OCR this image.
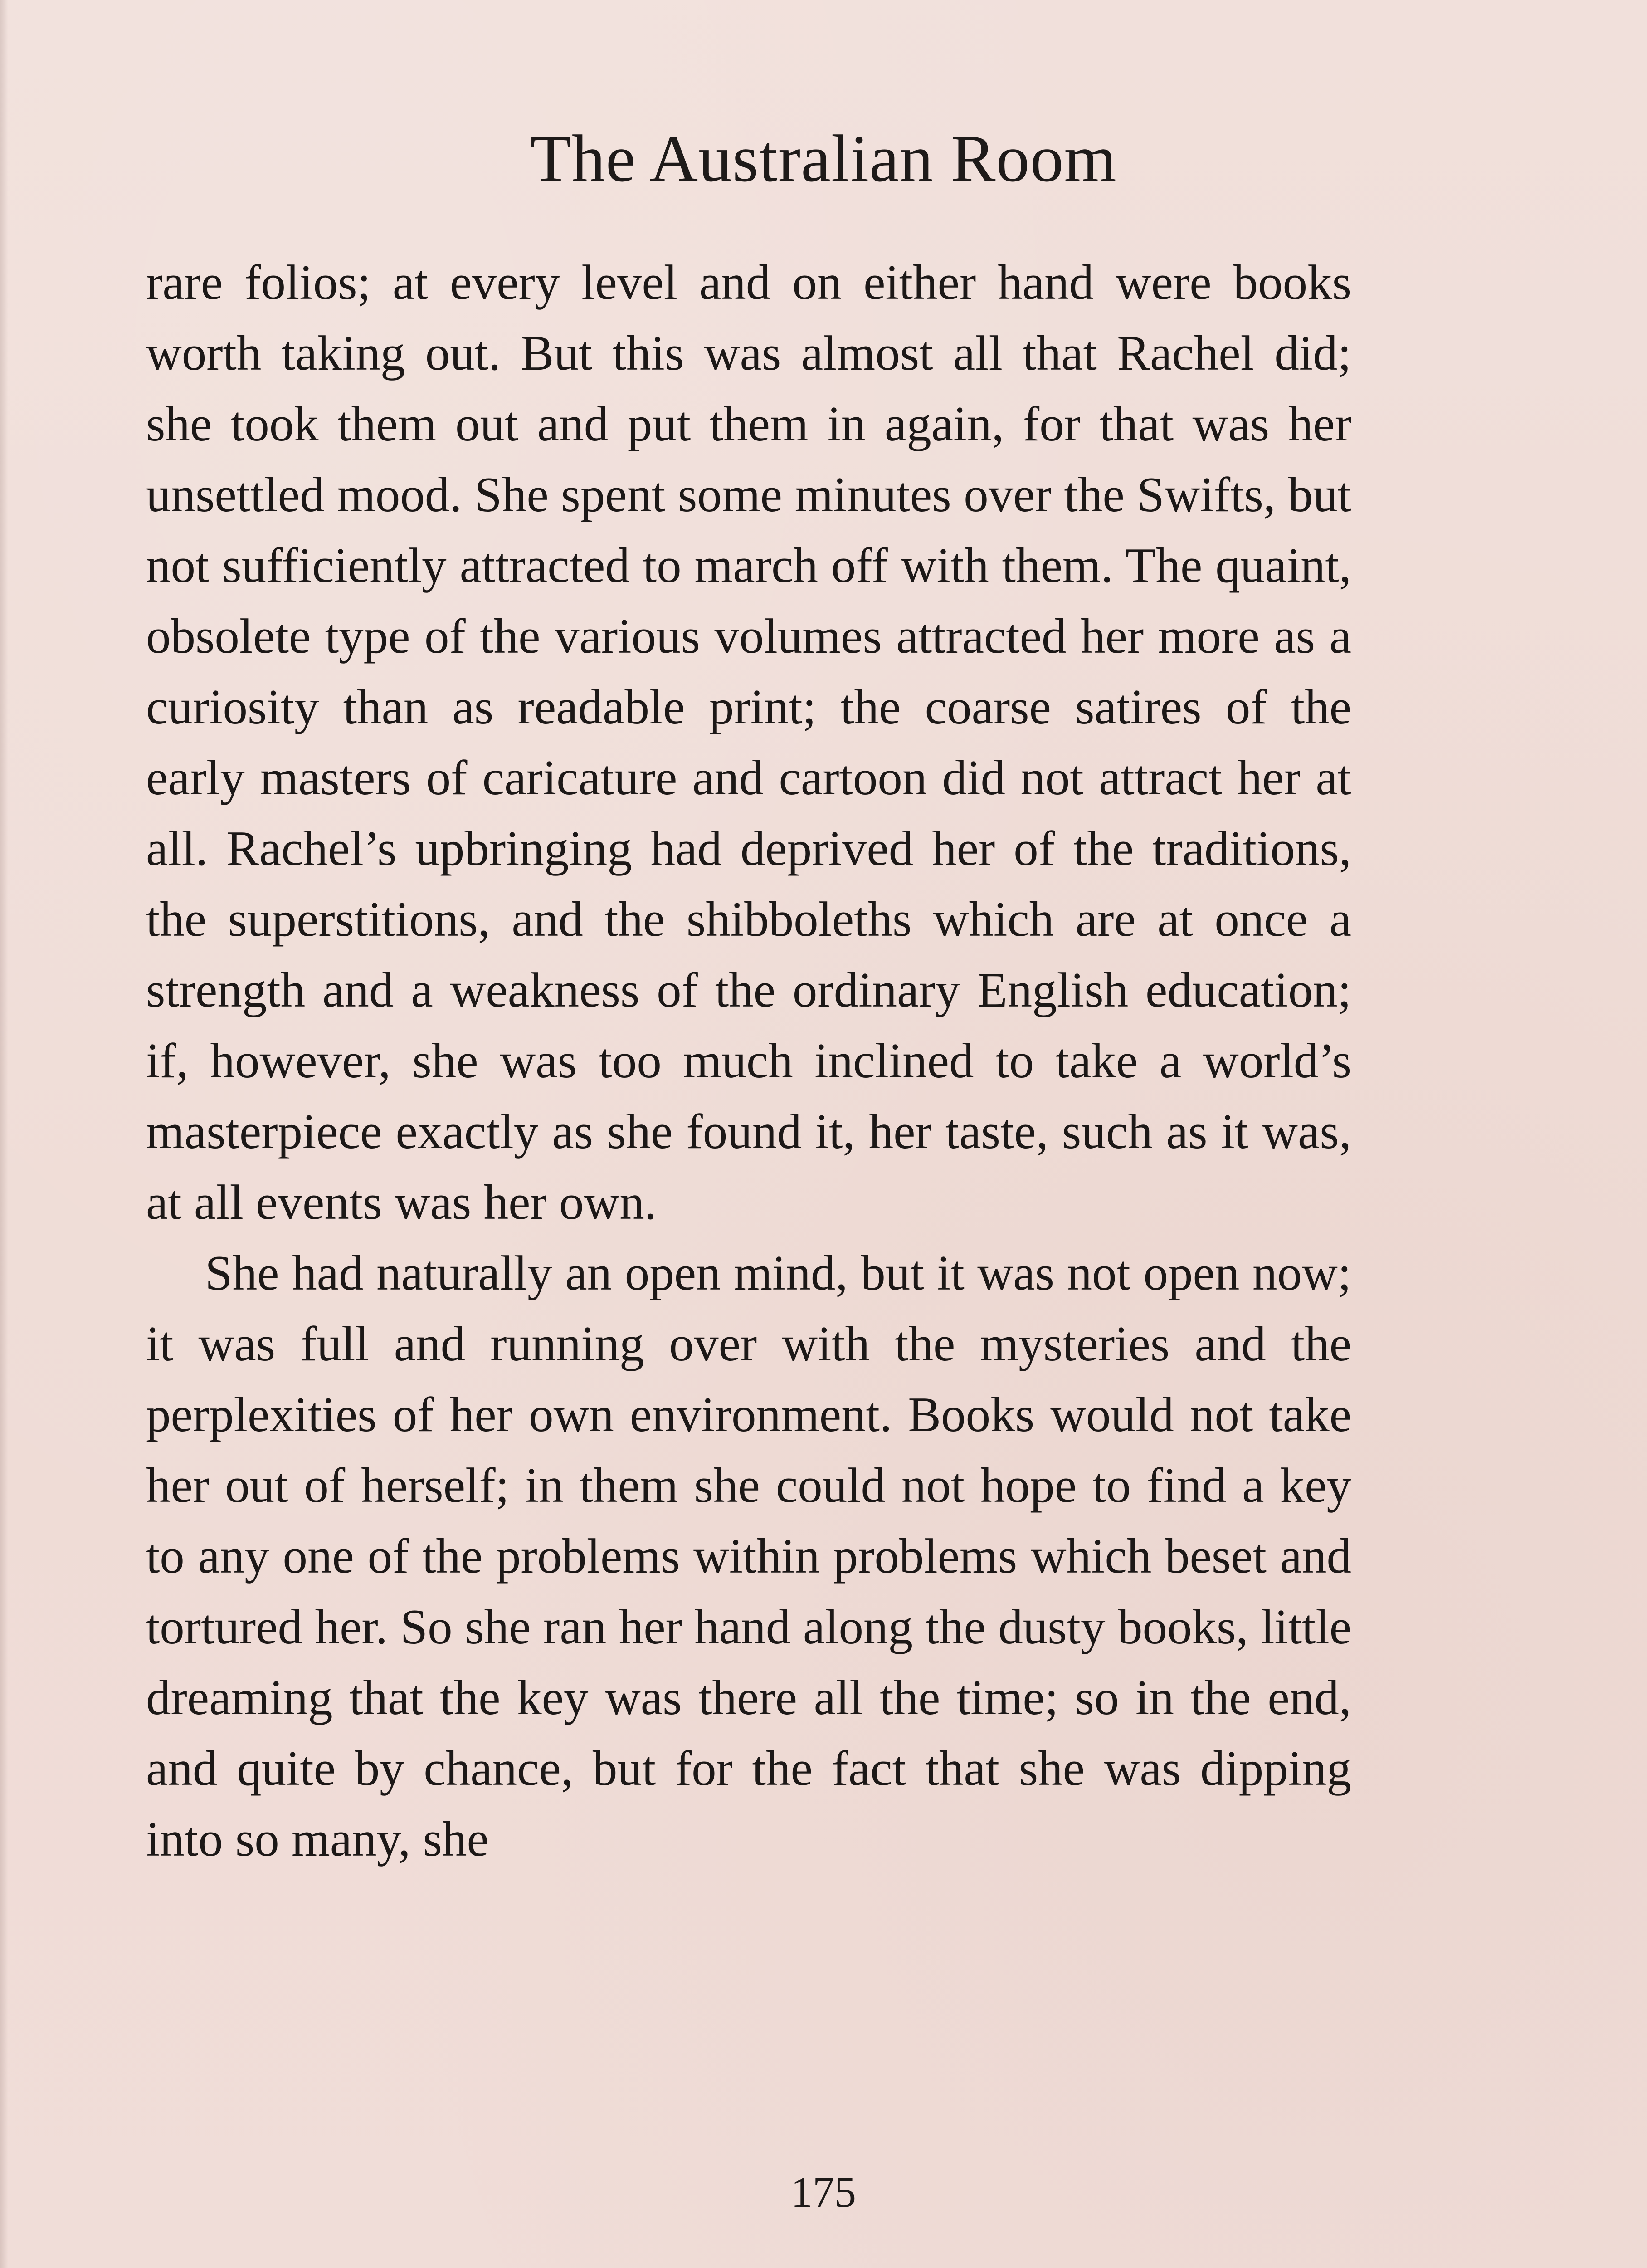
The Australian Room

rare folios; at every level and on either hand were books worth taking out. But this was almost all that Rachel did; she took them out and put them in again, for that was her unsettled mood. She spent some minutes over the Swifts, but not sufficiently attracted to march off with them. The quaint, obsolete type of the various volumes attracted her more as a curiosity than as readable print; the coarse satires of the early masters of caricature and cartoon did not attract her at all. Rachel’s upbringing had deprived her of the traditions, the superstitions, and the shibboleths which are at once a strength and a weakness of the ordinary English education; if, however, she was too much inclined to take a world’s masterpiece exactly as she found it, her taste, such as it was, at all events was her own.

She had naturally an open mind, but it was not open now; it was full and running over with the mysteries and the perplexities of her own environment. Books would not take her out of herself; in them she could not hope to find a key to any one of the problems within problems which beset and tortured her. So she ran her hand along the dusty books, little dreaming that the key was there all the time; so in the end, and quite by chance, but for the fact that she was dipping into so many, she

175
